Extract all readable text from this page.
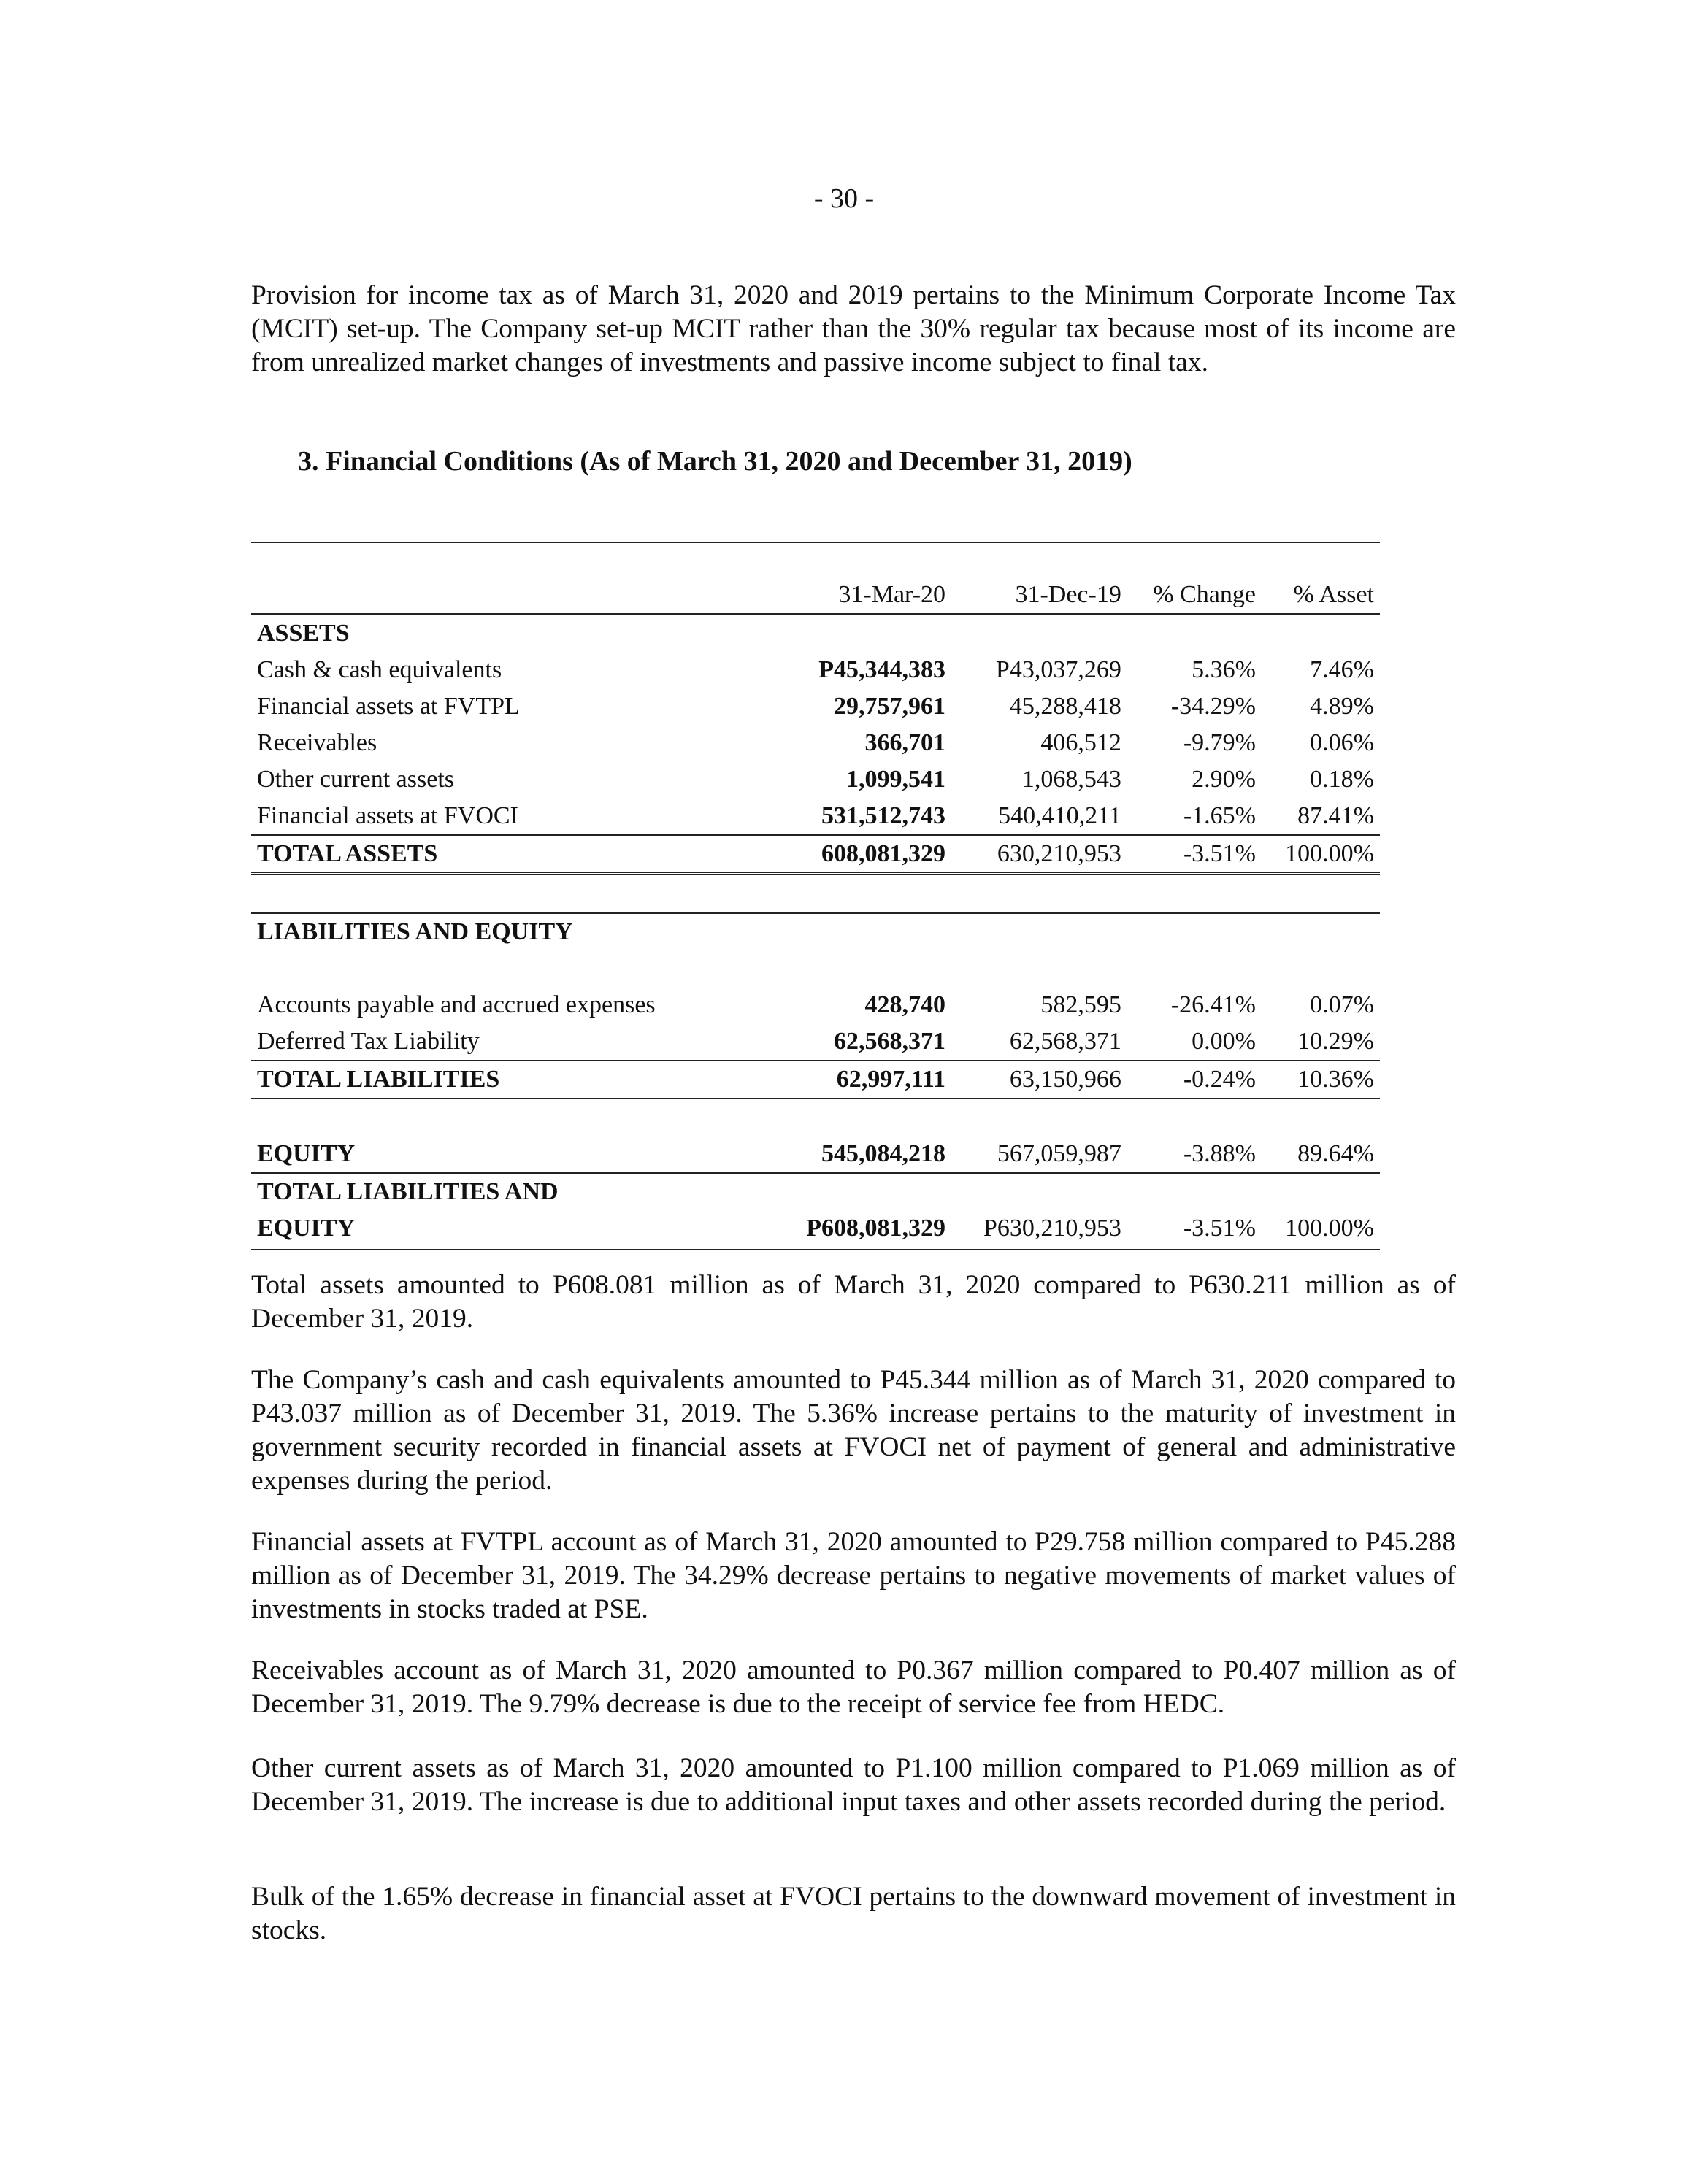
- 30 -

Provision for income tax as of March 31, 2020 and 2019 pertains to the Minimum Corporate Income Tax (MCIT) set-up. The Company set-up MCIT rather than the 30% regular tax because most of its income are from unrealized market changes of investments and passive income subject to final tax.

3. Financial Conditions (As of March 31, 2020 and December 31, 2019)
	31-Mar-20	31-Dec-19	% Change	% Asset
ASSETS				
Cash & cash equivalents	P45,344,383	P43,037,269	5.36%	7.46%
Financial assets at FVTPL	29,757,961	45,288,418	-34.29%	4.89%
Receivables	366,701	406,512	-9.79%	0.06%
Other current assets	1,099,541	1,068,543	2.90%	0.18%
Financial assets at FVOCI	531,512,743	540,410,211	-1.65%	87.41%
TOTAL ASSETS	608,081,329	630,210,953	-3.51%	100.00%

LIABILITIES AND EQUITY				

Accounts payable and accrued expenses	428,740	582,595	-26.41%	0.07%
Deferred Tax Liability	62,568,371	62,568,371	0.00%	10.29%
TOTAL LIABILITIES	62,997,111	63,150,966	-0.24%	10.36%

EQUITY	545,084,218	567,059,987	-3.88%	89.64%
TOTAL LIABILITIES AND				
EQUITY	P608,081,329	P630,210,953	-3.51%	100.00%

Total assets amounted to P608.081 million as of March 31, 2020 compared to P630.211 million as of December 31, 2019.

The Company’s cash and cash equivalents amounted to P45.344 million as of March 31, 2020 compared to P43.037 million as of December 31, 2019. The 5.36% increase pertains to the maturity of investment in government security recorded in financial assets at FVOCI net of payment of general and administrative expenses during the period.

Financial assets at FVTPL account as of March 31, 2020 amounted to P29.758 million compared to P45.288 million as of December 31, 2019. The 34.29% decrease pertains to negative movements of market values of investments in stocks traded at PSE.

Receivables account as of March 31, 2020 amounted to P0.367 million compared to P0.407 million as of December 31, 2019. The 9.79% decrease is due to the receipt of service fee from HEDC.

Other current assets as of March 31, 2020 amounted to P1.100 million compared to P1.069 million as of December 31, 2019. The increase is due to additional input taxes and other assets recorded during the period.

Bulk of the 1.65% decrease in financial asset at FVOCI pertains to the downward movement of investment in stocks.
